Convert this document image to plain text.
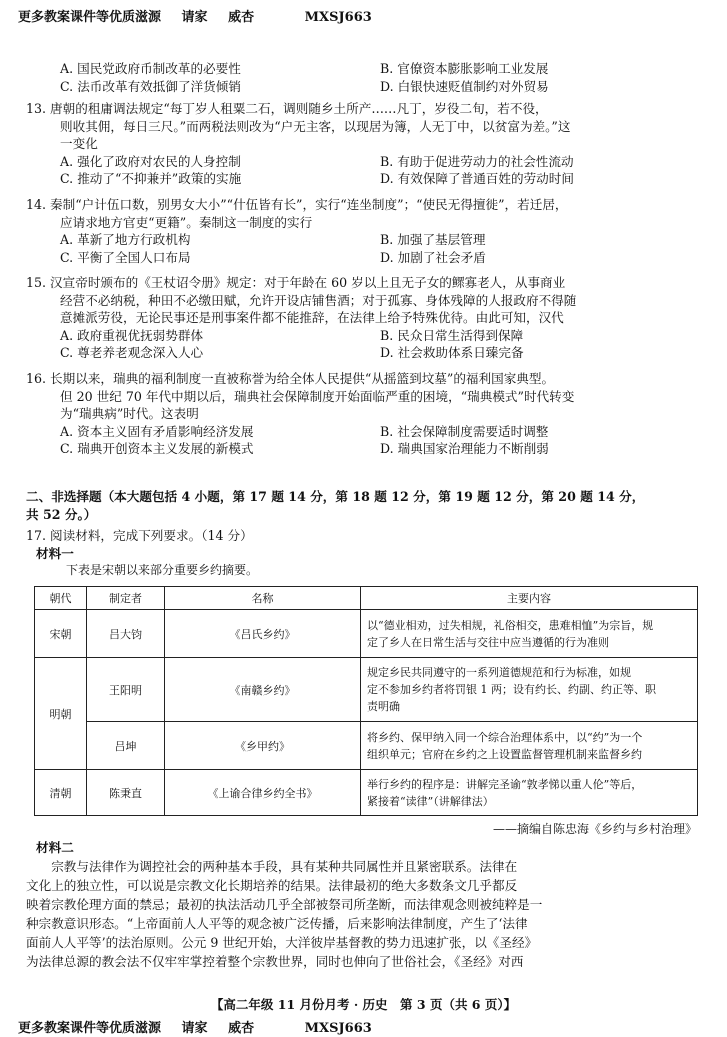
更多教案课件等优质滋源 请家 威杏	MXSJ663
A. 国民党政府币制改革的必要性	B. 官僚资本膨胀影响工业发展
C. 法币改革有效抵御了洋货倾销	D. 白银快速贬值制约对外贸易
13. 唐朝的租庸调法规定“每丁岁人租粟二石，调则随乡土所产……凡丁，岁役二旬，若不役，
则收其佣，每日三尺。”而两税法则改为“户无主客，以现居为簿，人无丁中，以贫富为差。”这
一变化
A. 强化了政府对农民的人身控制	B. 有助于促进劳动力的社会性流动
C. 推动了“不抑兼并”政策的实施	D. 有效保障了普通百姓的劳动时间
14. 秦制“户计伍口数，别男女大小”“什伍皆有长”，实行“连坐制度”；“使民无得擅徙”，若迁居，
应请求地方官吏“更籍”。秦制这一制度的实行
A. 革新了地方行政机构	B. 加强了基层管理
C. 平衡了全国人口布局	D. 加剧了社会矛盾
15. 汉宣帝时颁布的《王杖诏令册》规定：对于年龄在 60 岁以上且无子女的鳏寡老人，从事商业
经营不必纳税，种田不必缴田赋，允许开设店铺售酒；对于孤寡、身体残障的人报政府不得随
意摊派劳役，无论民事还是刑事案件都不能推辞，在法律上给予特殊优待。由此可知，汉代
A. 政府重视优抚弱势群体	B. 民众日常生活得到保障
C. 尊老养老观念深入人心	D. 社会救助体系日臻完备
16. 长期以来，瑞典的福利制度一直被称誉为给全体人民提供“从摇篮到坟墓”的福利国家典型。
但 20 世纪 70 年代中期以后，瑞典社会保障制度开始面临严重的困境，“瑞典模式”时代转变
为“瑞典病”时代。这表明
A. 资本主义固有矛盾影响经济发展	B. 社会保障制度需要适时调整
C. 瑞典开创资本主义发展的新模式	D. 瑞典国家治理能力不断削弱
二、非选择题（本大题包括 4 小题，第 17 题 14 分，第 18 题 12 分，第 19 题 12 分，第 20 题 14 分，
共 52 分。）
17. 阅读材料，完成下列要求。（14 分）
材料一
下表是宋朝以来部分重要乡约摘要。
朝代	制定者	名称	主要内容
宋朝	吕大钧	《吕氏乡约》	以“德业相劝，过失相规，礼俗相交，患难相恤”为宗旨，规
定了乡人在日常生活与交往中应当遵循的行为准则

明朝	王阳明	《南赣乡约》	规定乡民共同遵守的一系列道德规范和行为标准，如规
定不参加乡约者将罚银 1 两；设有约长、约副、约正等、职
责明确

	吕坤	《乡甲约》	将乡约、保甲纳入同一个综合治理体系中，以“约”为一个
组织单元；官府在乡约之上设置监督管理机制来监督乡约

清朝	陈秉直	《上谕合律乡约全书》	举行乡约的程序是：讲解完圣谕“敦孝悌以重人伦”等后，
紧接着“读律”（讲解律法）
——摘编自陈忠海《乡约与乡村治理》
材料二
宗教与法律作为调控社会的两种基本手段，具有某种共同属性并且紧密联系。法律在
文化上的独立性，可以说是宗教文化长期培养的结果。法律最初的绝大多数条文几乎都反
映着宗教伦理方面的禁忌；最初的执法活动几乎全部被祭司所垄断，而法律观念则被纯粹是一
种宗教意识形态。“上帝面前人人平等的观念被广泛传播，后来影响法律制度，产生了‘法律
面前人人平等’的法治原则。公元 9 世纪开始，大洋彼岸基督教的势力迅速扩张，以《圣经》
为法律总源的教会法不仅牢牢掌控着整个宗教世界，同时也伸向了世俗社会，《圣经》对西
【高二年级 11 月份月考 · 历史　第 3 页（共 6 页）】
更多教案课件等优质滋源 请家 威杏	MXSJ663
